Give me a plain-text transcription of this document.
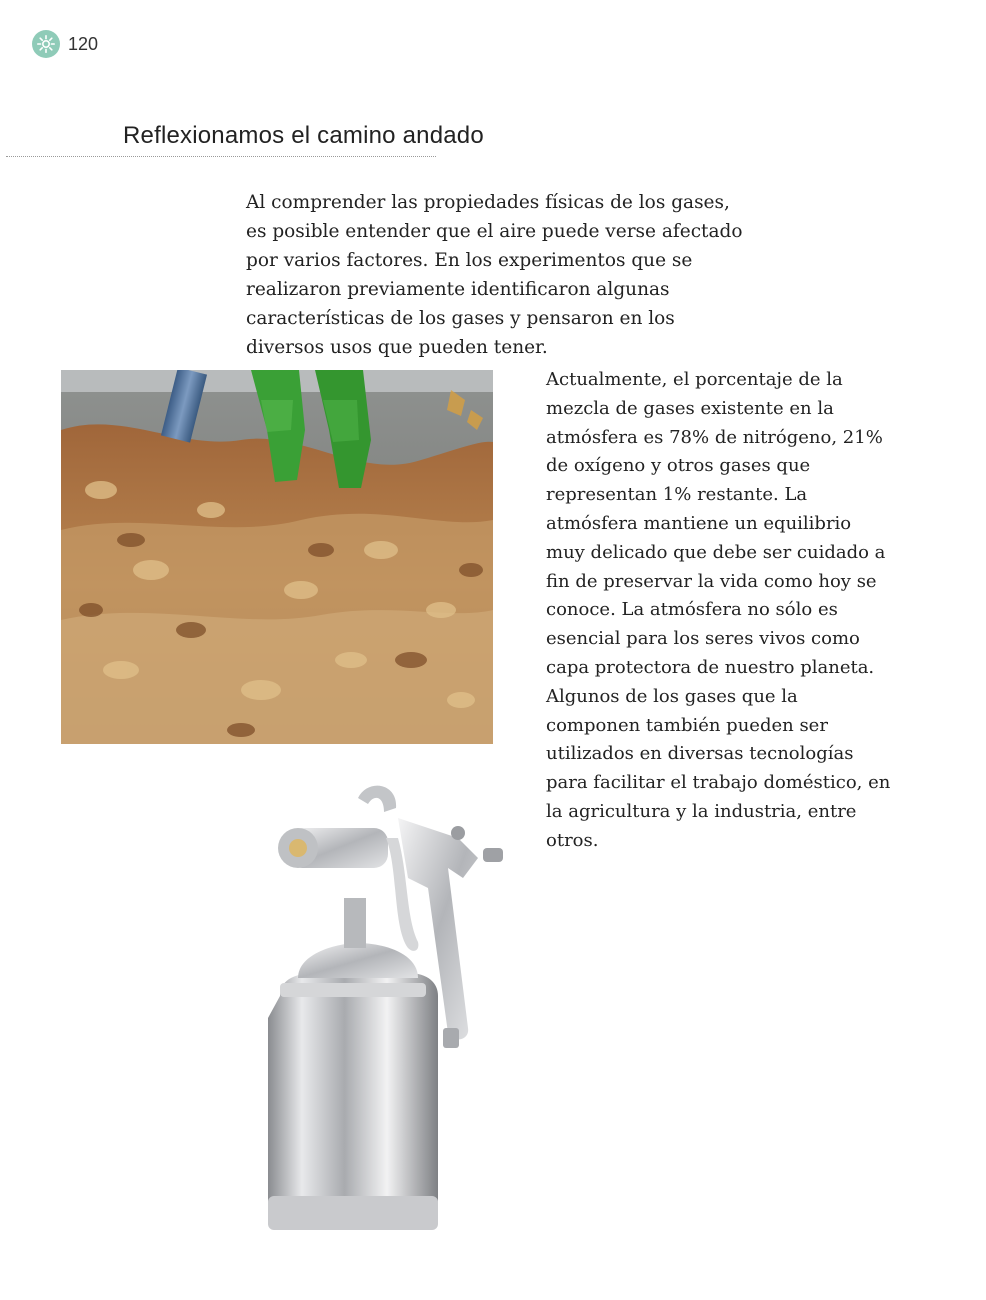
120
Reflexionamos el camino andado

Al comprender las propiedades físicas de los gases, es posible entender que el aire puede verse afectado por varios factores. En los experimentos que se realizaron previamente identificaron algunas características de los gases y pensaron en los diversos usos que pueden tener.

Actualmente, el porcentaje de la mezcla de gases existente en la atmósfera es 78% de nitrógeno, 21% de oxígeno y otros gases que representan 1% restante. La atmósfera mantiene un equilibrio muy delicado que debe ser cuidado a fin de preservar la vida como hoy se conoce. La atmósfera no sólo es esencial para los seres vivos como capa protectora de nuestro planeta. Algunos de los gases que la componen también pueden ser utilizados en diversas tecnologías para facilitar el trabajo doméstico, en la agricultura y la industria, entre otros.
